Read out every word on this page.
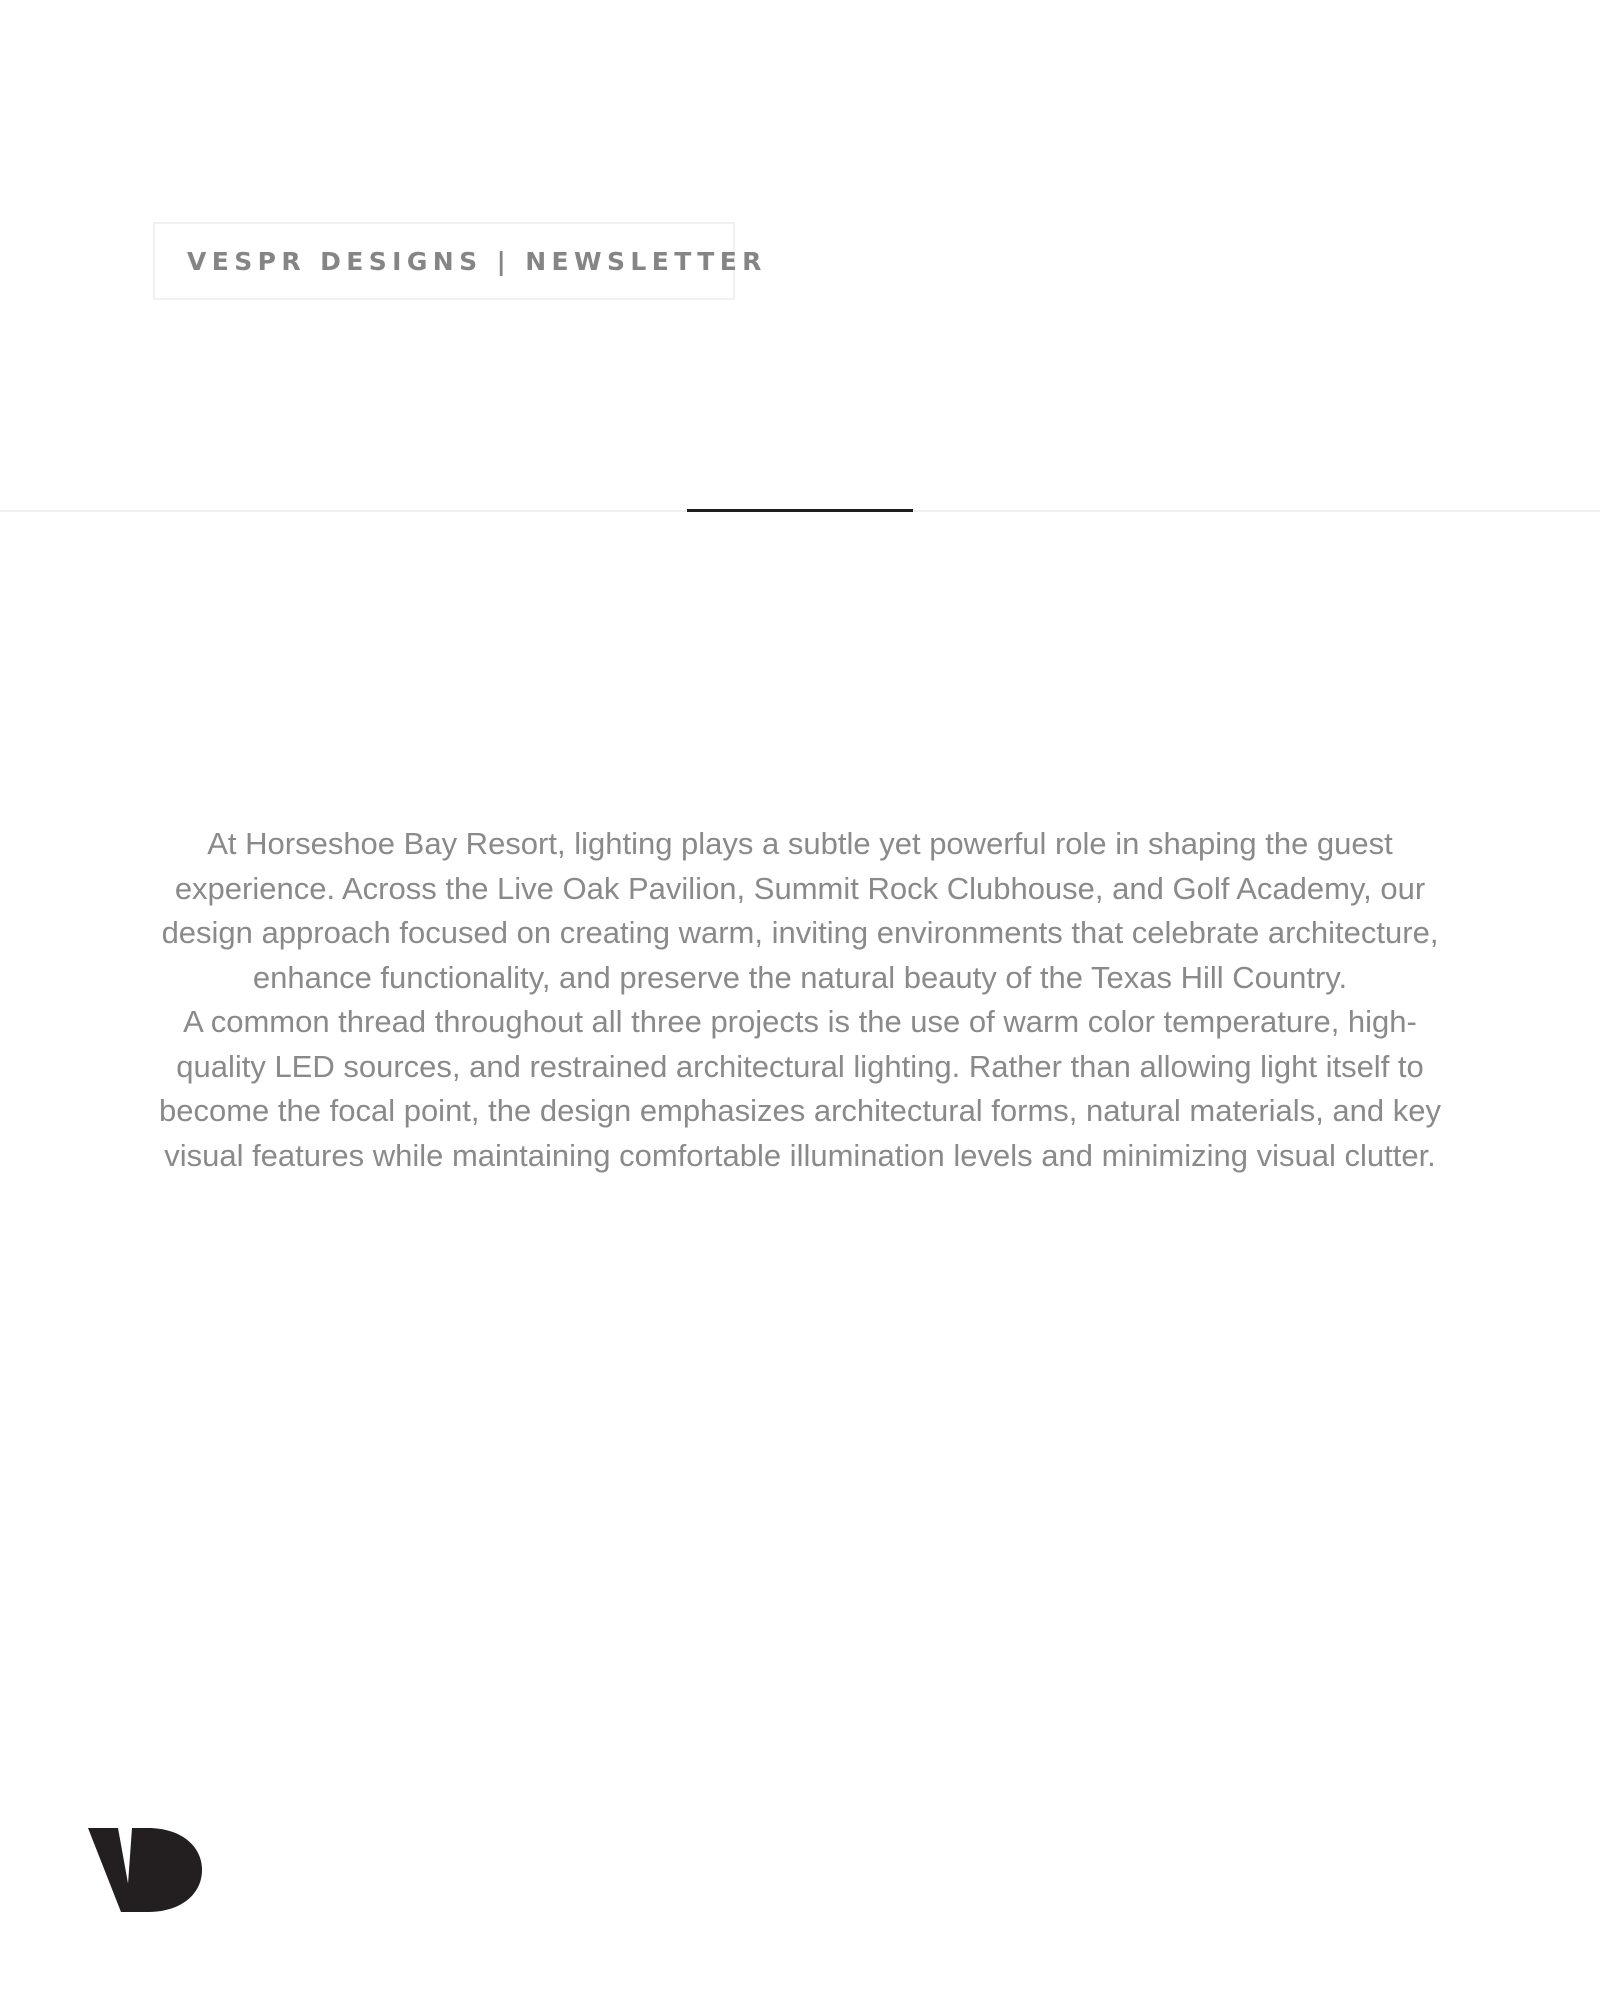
VESPR DESIGNS | NEWSLETTER

At Horseshoe Bay Resort, lighting plays a subtle yet powerful role in shaping the guest experience. Across the Live Oak Pavilion, Summit Rock Clubhouse, and Golf Academy, our design approach focused on creating warm, inviting environments that celebrate architecture, enhance functionality, and preserve the natural beauty of the Texas Hill Country.

A common thread throughout all three projects is the use of warm color temperature, high-quality LED sources, and restrained architectural lighting. Rather than allowing light itself to become the focal point, the design emphasizes architectural forms, natural materials, and key visual features while maintaining comfortable illumination levels and minimizing visual clutter.
